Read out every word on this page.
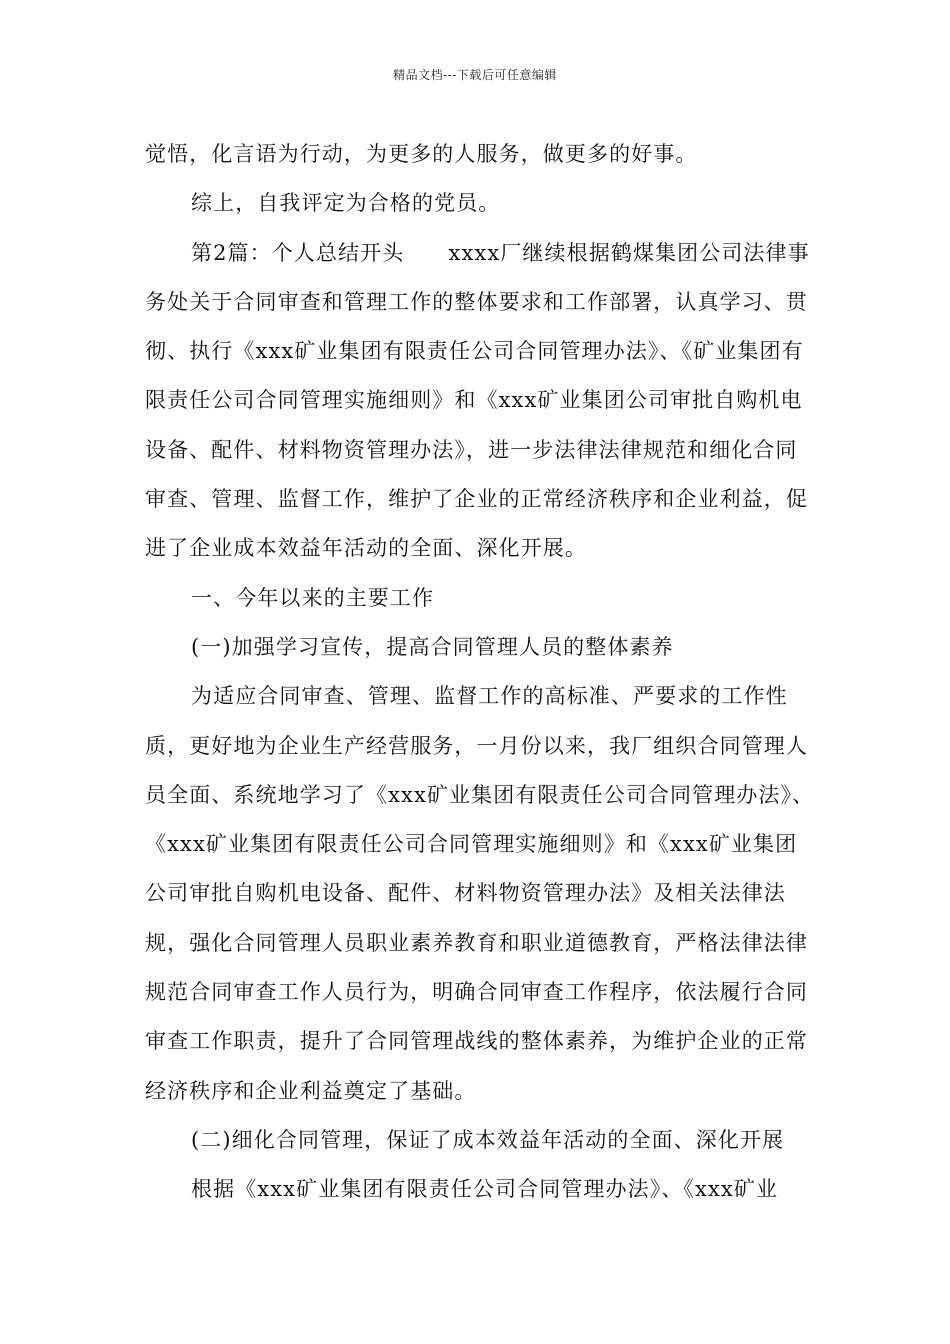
精品文档---下载后可任意编辑

觉悟，化言语为行动，为更多的人服务，做更多的好事。

综上，自我评定为合格的党员。

第2篇：个人总结开头　　xxxx厂继续根据鹤煤集团公司法律事务处关于合同审查和管理工作的整体要求和工作部署，认真学习、贯彻、执行《xxx矿业集团有限责任公司合同管理办法》、《矿业集团有限责任公司合同管理实施细则》和《xxx矿业集团公司审批自购机电设备、配件、材料物资管理办法》，进一步法律法律规范和细化合同审查、管理、监督工作，维护了企业的正常经济秩序和企业利益，促进了企业成本效益年活动的全面、深化开展。

一、今年以来的主要工作

(一)加强学习宣传，提高合同管理人员的整体素养

为适应合同审查、管理、监督工作的高标准、严要求的工作性质，更好地为企业生产经营服务，一月份以来，我厂组织合同管理人员全面、系统地学习了《xxx矿业集团有限责任公司合同管理办法》、《xxx矿业集团有限责任公司合同管理实施细则》和《xxx矿业集团公司审批自购机电设备、配件、材料物资管理办法》及相关法律法规，强化合同管理人员职业素养教育和职业道德教育，严格法律法律规范合同审查工作人员行为，明确合同审查工作程序，依法履行合同审查工作职责，提升了合同管理战线的整体素养，为维护企业的正常经济秩序和企业利益奠定了基础。

(二)细化合同管理，保证了成本效益年活动的全面、深化开展

根据《xxx矿业集团有限责任公司合同管理办法》、《xxx矿业
